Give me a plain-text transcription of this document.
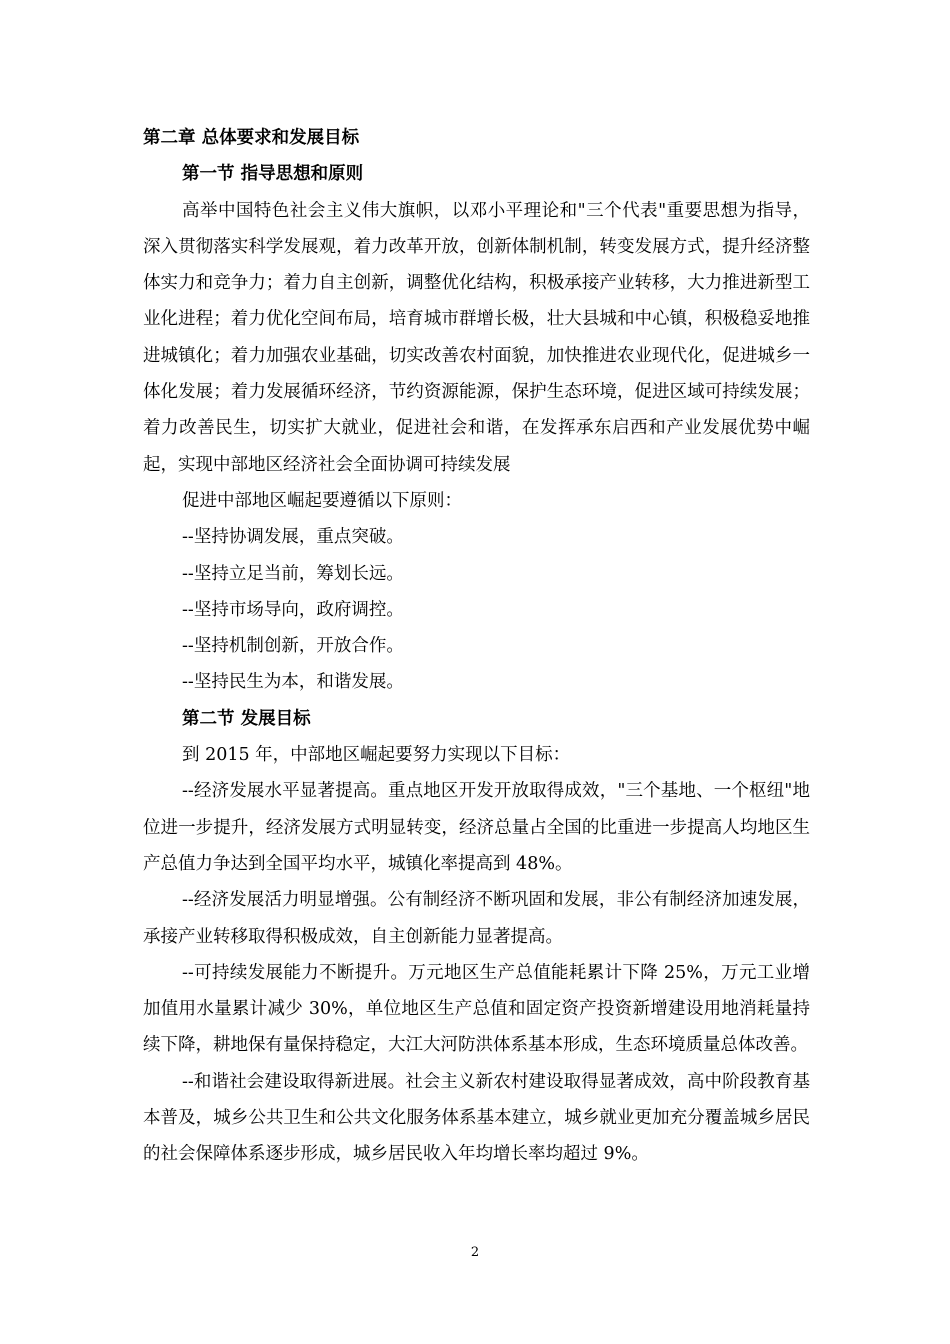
第二章 总体要求和发展目标

第一节 指导思想和原则

高举中国特色社会主义伟大旗帜，以邓小平理论和"三个代表"重要思想为指导，深入贯彻落实科学发展观，着力改革开放，创新体制机制，转变发展方式，提升经济整体实力和竞争力；着力自主创新，调整优化结构，积极承接产业转移，大力推进新型工业化进程；着力优化空间布局，培育城市群增长极，壮大县城和中心镇，积极稳妥地推进城镇化；着力加强农业基础，切实改善农村面貌，加快推进农业现代化，促进城乡一体化发展；着力发展循环经济，节约资源能源，保护生态环境，促进区域可持续发展；着力改善民生，切实扩大就业，促进社会和谐，在发挥承东启西和产业发展优势中崛起，实现中部地区经济社会全面协调可持续发展

促进中部地区崛起要遵循以下原则：

--坚持协调发展，重点突破。

--坚持立足当前，筹划长远。

--坚持市场导向，政府调控。

--坚持机制创新，开放合作。

--坚持民生为本，和谐发展。

第二节 发展目标

到 2015 年，中部地区崛起要努力实现以下目标：

--经济发展水平显著提高。重点地区开发开放取得成效，"三个基地、一个枢纽"地位进一步提升，经济发展方式明显转变，经济总量占全国的比重进一步提高人均地区生产总值力争达到全国平均水平，城镇化率提高到 48%。

--经济发展活力明显增强。公有制经济不断巩固和发展，非公有制经济加速发展，承接产业转移取得积极成效，自主创新能力显著提高。

--可持续发展能力不断提升。万元地区生产总值能耗累计下降 25%，万元工业增加值用水量累计减少 30%，单位地区生产总值和固定资产投资新增建设用地消耗量持续下降，耕地保有量保持稳定，大江大河防洪体系基本形成，生态环境质量总体改善。

--和谐社会建设取得新进展。社会主义新农村建设取得显著成效，高中阶段教育基本普及，城乡公共卫生和公共文化服务体系基本建立，城乡就业更加充分覆盖城乡居民的社会保障体系逐步形成，城乡居民收入年均增长率均超过 9%。

2
